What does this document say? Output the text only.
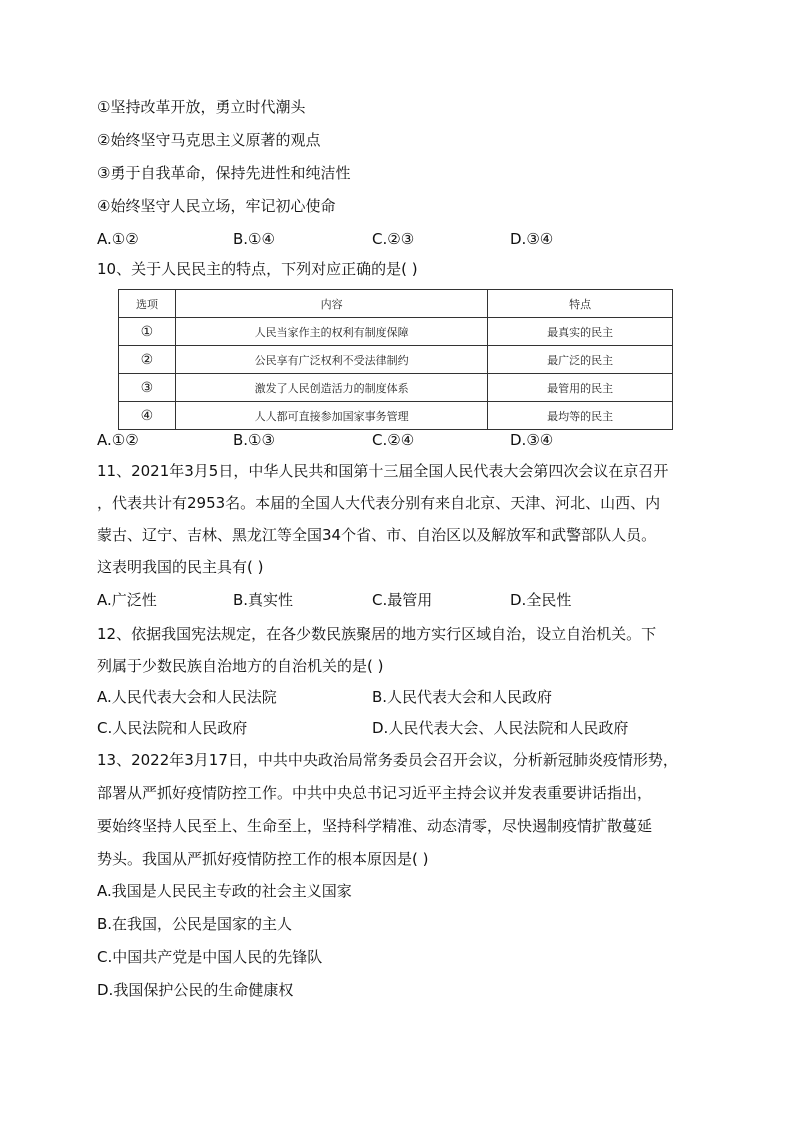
①坚持改革开放，勇立时代潮头
②始终坚守马克思主义原著的观点
③勇于自我革命，保持先进性和纯洁性
④始终坚守人民立场，牢记初心使命
A.①②	B.①④	C.②③	D.③④
10、关于人民民主的特点，下列对应正确的是( )
选项	内容	特点
①	人民当家作主的权利有制度保障	最真实的民主
②	公民享有广泛权利不受法律制约	最广泛的民主
③	激发了人民创造活力的制度体系	最管用的民主
④	人人都可直接参加国家事务管理	最均等的民主
A.①②	B.①③	C.②④	D.③④
11、2021年3月5日，中华人民共和国第十三届全国人民代表大会第四次会议在京召开
，代表共计有2953名。本届的全国人大代表分别有来自北京、天津、河北、山西、内
蒙古、辽宁、吉林、黑龙江等全国34个省、市、自治区以及解放军和武警部队人员。
这表明我国的民主具有( )
A.广泛性	B.真实性	C.最管用	D.全民性
12、依据我国宪法规定，在各少数民族聚居的地方实行区域自治，设立自治机关。下
列属于少数民族自治地方的自治机关的是( )
A.人民代表大会和人民法院	B.人民代表大会和人民政府
C.人民法院和人民政府	D.人民代表大会、人民法院和人民政府
13、2022年3月17日，中共中央政治局常务委员会召开会议，分析新冠肺炎疫情形势，
部署从严抓好疫情防控工作。中共中央总书记习近平主持会议并发表重要讲话指出，
要始终坚持人民至上、生命至上，坚持科学精准、动态清零，尽快遏制疫情扩散蔓延
势头。我国从严抓好疫情防控工作的根本原因是( )
A.我国是人民民主专政的社会主义国家
B.在我国，公民是国家的主人
C.中国共产党是中国人民的先锋队
D.我国保护公民的生命健康权
